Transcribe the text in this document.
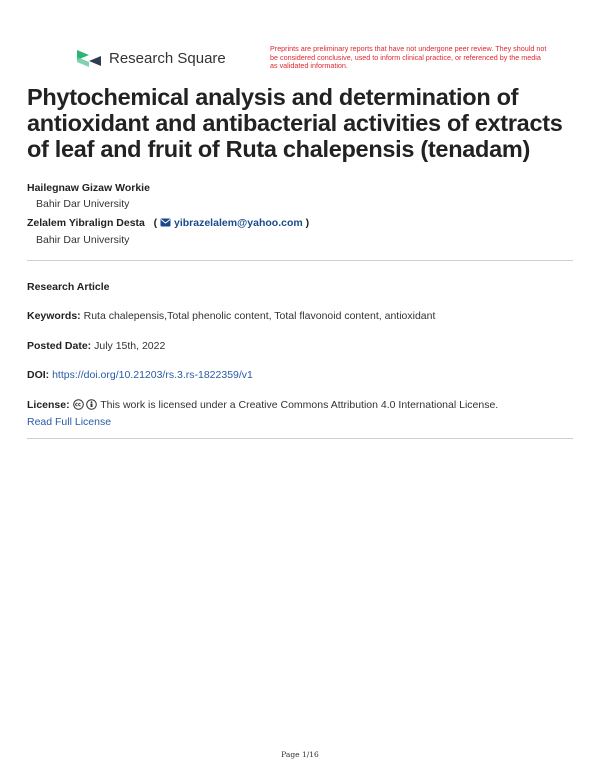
Research Square
Preprints are preliminary reports that have not undergone peer review. They should not be considered conclusive, used to inform clinical practice, or referenced by the media as validated information.
Phytochemical analysis and determination of antioxidant and antibacterial activities of extracts of leaf and fruit of Ruta chalepensis (tenadam)
Hailegnaw Gizaw Workie
Bahir Dar University
Zelalem Yibralign Desta   ( yibrazelalem@yahoo.com )
Bahir Dar University
Research Article
Keywords: Ruta chalepensis,Total phenolic content, Total flavonoid content, antioxidant
Posted Date: July 15th, 2022
DOI: https://doi.org/10.21203/rs.3.rs-1822359/v1
License:	This work is licensed under a Creative Commons Attribution 4.0 International License.
Read Full License
Page 1/16
